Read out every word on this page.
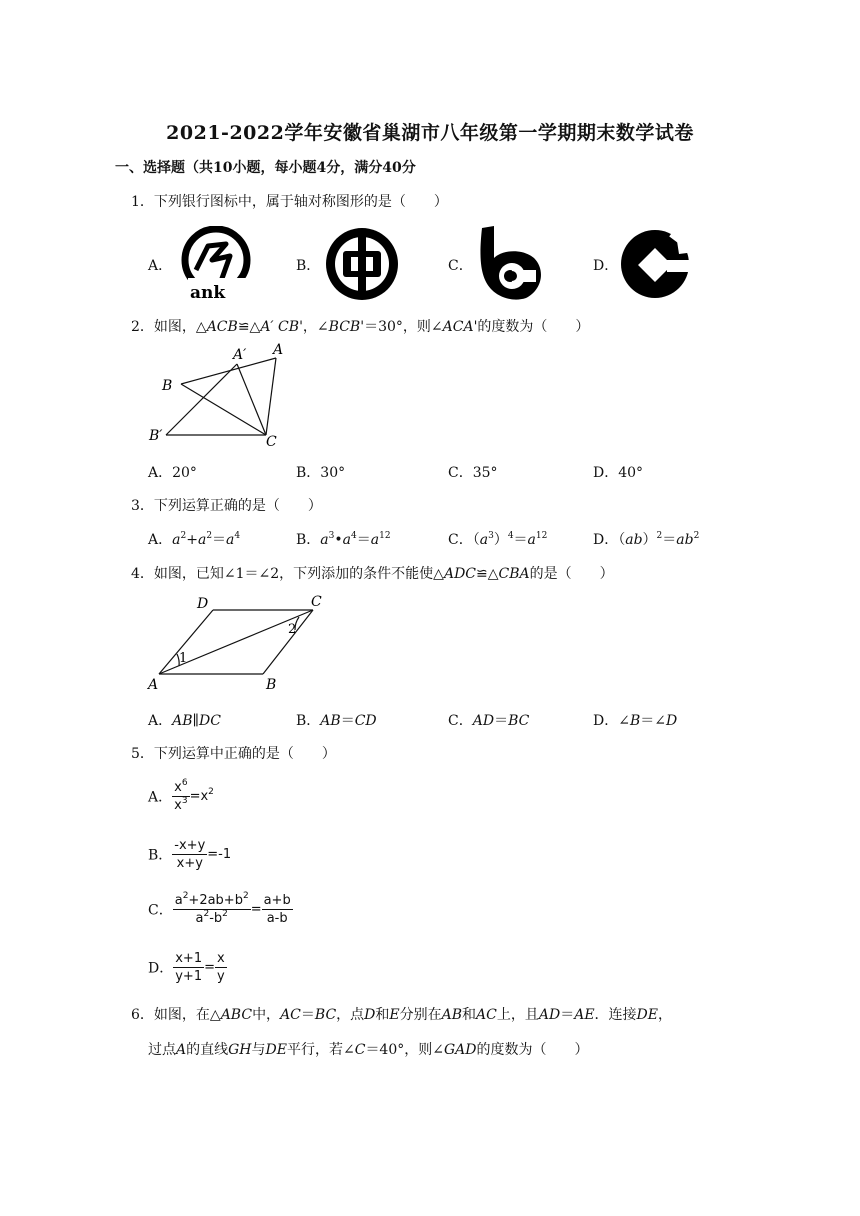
2021-2022学年安徽省巢湖市八年级第一学期期末数学试卷
一、选择题（共10小题，每小题4分，满分40分
1．下列银行图标中，属于轴对称图形的是（　　）
A．
ank
B．	C．	D．
2．如图，△ACB≌△A′ CB'，∠BCB'＝30°，则∠ACA'的度数为（　　）
A′ A
B
B′	C
A．20°	B．30°	C．35°	D．40°
3．下列运算正确的是（　　）
A．$a^2+a^2=a^4$	B．$a^3•a^4=a^{12}$	C．$(a^3)^4=a^{12}$	D．$(ab)^2=ab^2$
4．如图，已知∠1＝∠2，下列添加的条件不能使△ADC≌△CBA的是（　　）
D	C
A	B
1
2
A．AB∥DC	B．AB＝CD	C．AD＝BC	D．∠B＝∠D
5．下列运算中正确的是（　　）
A． $\frac{x^6}{x^3} =x^2$
B． $\frac{-x+y}{x+y} =-1$
C． $\frac{a^2+2ab+b^2}{a^2-b^2} = \frac{a+b}{a-b}$
D． $\frac{x+1}{y+1} = \frac{x}{y}$
6．如图，在△ABC中，AC＝BC，点D和E分别在AB和AC上，且AD＝AE．连接DE，
过点A的直线GH与DE平行，若∠C＝40°，则∠GAD的度数为（　　）
